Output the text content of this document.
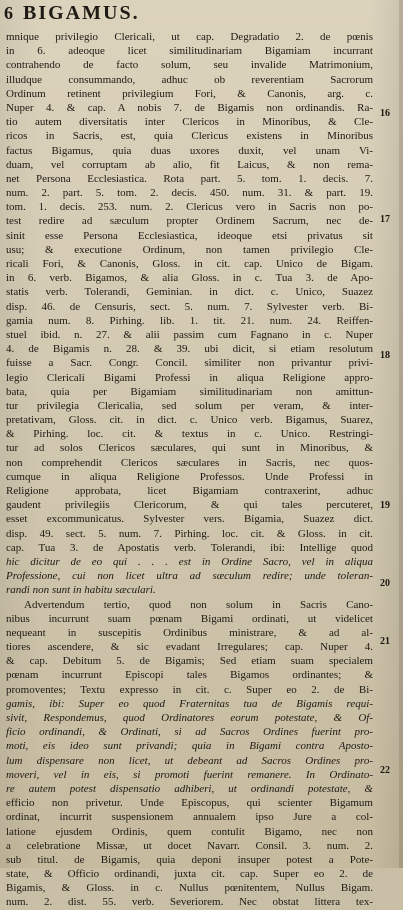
6 BIGAMUS.
mnique privilegio Clericali, ut cap. Degradatio 2. de pœnis
in 6. adeoque licet similitudinariam Bigamiam incurrant
contrahendo de facto solum, seu invalide Matrimonium,
illudque consummando, adhuc ob reverentiam Sacrorum
Ordinum retinent privilegium Fori, & Canonis, arg. c.
Nuper 4. & cap. A nobis 7. de Bigamis non ordinandis. Ra-
tio autem diversitatis inter Clericos in Minoribus, & Cle-
ricos in Sacris, est, quia Clericus existens in Minoribus
factus Bigamus, quia duas uxores duxit, vel unam Vi-
duam, vel corruptam ab alio, fit Laicus, & non rema-
net Persona Ecclesiastica. Rota part. 5. tom. 1. decis. 7.
num. 2. part. 5. tom. 2. decis. 450. num. 31. & part. 19.
tom. 1. decis. 253. num. 2. Clericus vero in Sacris non po-
test redire ad sæculum propter Ordinem Sacrum, nec de-
sinit esse Persona Ecclesiastica, ideoque etsi privatus sit
usu; & executione Ordinum, non tamen privilegio Cle-
ricali Fori, & Canonis, Gloss. in cit. cap. Unico de Bigam.
in 6. verb. Bigamos, & alia Gloss. in c. Tua 3. de Apo-
statis verb. Tolerandi, Geminian. in dict. c. Unico, Suazez
disp. 46. de Censuris, sect. 5. num. 7. Sylvester verb. Bi-
gamia num. 8. Pirhing. lib. 1. tit. 21. num. 24. Reiffen-
stuel ibid. n. 27. & alii passim cum Fagnano in c. Nuper
4. de Bigamis n. 28. & 39. ubi dicit, si etiam resolutum
fuisse a Sacr. Congr. Concil. similiter non privantur privi-
legio Clericali Bigami Professi in aliqua Religione appro-
bata, quia per Bigamiam similitudinariam non amittun-
tur privilegia Clericalia, sed solum per veram, & inter-
pretativam, Gloss. cit. in dict. c. Unico verb. Bigamus, Suarez,
& Pirhing. loc. cit. & textus in c. Unico. Restringi-
tur ad solos Clericos sæculares, qui sunt in Minoribus, &
non comprehendit Clericos sæculares in Sacris, nec quos-
cumque in aliqua Religione Professos. Unde Professi in
Religione approbata, licet Bigamiam contraxerint, adhuc
gaudent privilegiis Clericorum, & qui tales percuteret,
esset excommunicatus. Sylvester vers. Bigamia, Suazez dict.
disp. 49. sect. 5. num. 7. Pirhing. loc. cit. & Gloss. in cit.
cap. Tua 3. de Apostatis verb. Tolerandi, ibi: Intellige quod
hic dicitur de eo qui . . . est in Ordine Sacro, vel in aliqua
Professione, cui non licet ultra ad sæculum redire; unde toleran-
randi non sunt in habitu sæculari.
Advertendum tertio, quod non solum in Sacris Cano-
nibus incurrunt suam pœnam Bigami ordinati, ut videlicet
nequeant in suscepitis Ordinibus ministrare, & ad al-
tiores ascendere, & sic evadant Irregulares; cap. Nuper 4.
& cap. Debitum 5. de Bigamis; Sed etiam suam specialem
pœnam incurrunt Episcopi tales Bigamos ordinantes; &
promoventes; Textu expresso in cit. c. Super eo 2. de Bi-
gamis, ibi: Super eo quod Fraternitas tua de Bigamis requi-
sivit, Respondemus, quod Ordinatores eorum potestate, & Of-
ficio ordinandi, & Ordinati, si ad Sacros Ordines fuerint pro-
moti, eis ideo sunt privandi; quia in Bigami contra Aposto-
lum dispensare non licet, ut debeant ad Sacros Ordines pro-
moveri, vel in eis, si promoti fuerint remanere. In Ordinato-
re autem potest dispensatio adhiberi, ut ordinandi potestate, &
efficio non privetur. Unde Episcopus, qui scienter Bigamum
ordinat, incurrit suspensionem annualem ipso Jure a col-
latione ejusdem Ordinis, quem contulit Bigamo, nec non
a celebratione Missæ, ut docet Navarr. Consil. 3. num. 2.
sub titul. de Bigamis, quia deponi insuper potest a Pote-
state, & Officio ordinandi, juxta cit. cap. Super eo 2. de
Bigamis, & Gloss. in c. Nullus pœnitentem, Nullus Bigam.
num. 2. dist. 55. verb. Severiorem. Nec obstat littera tex-
16
17
18
19
20
21
22
